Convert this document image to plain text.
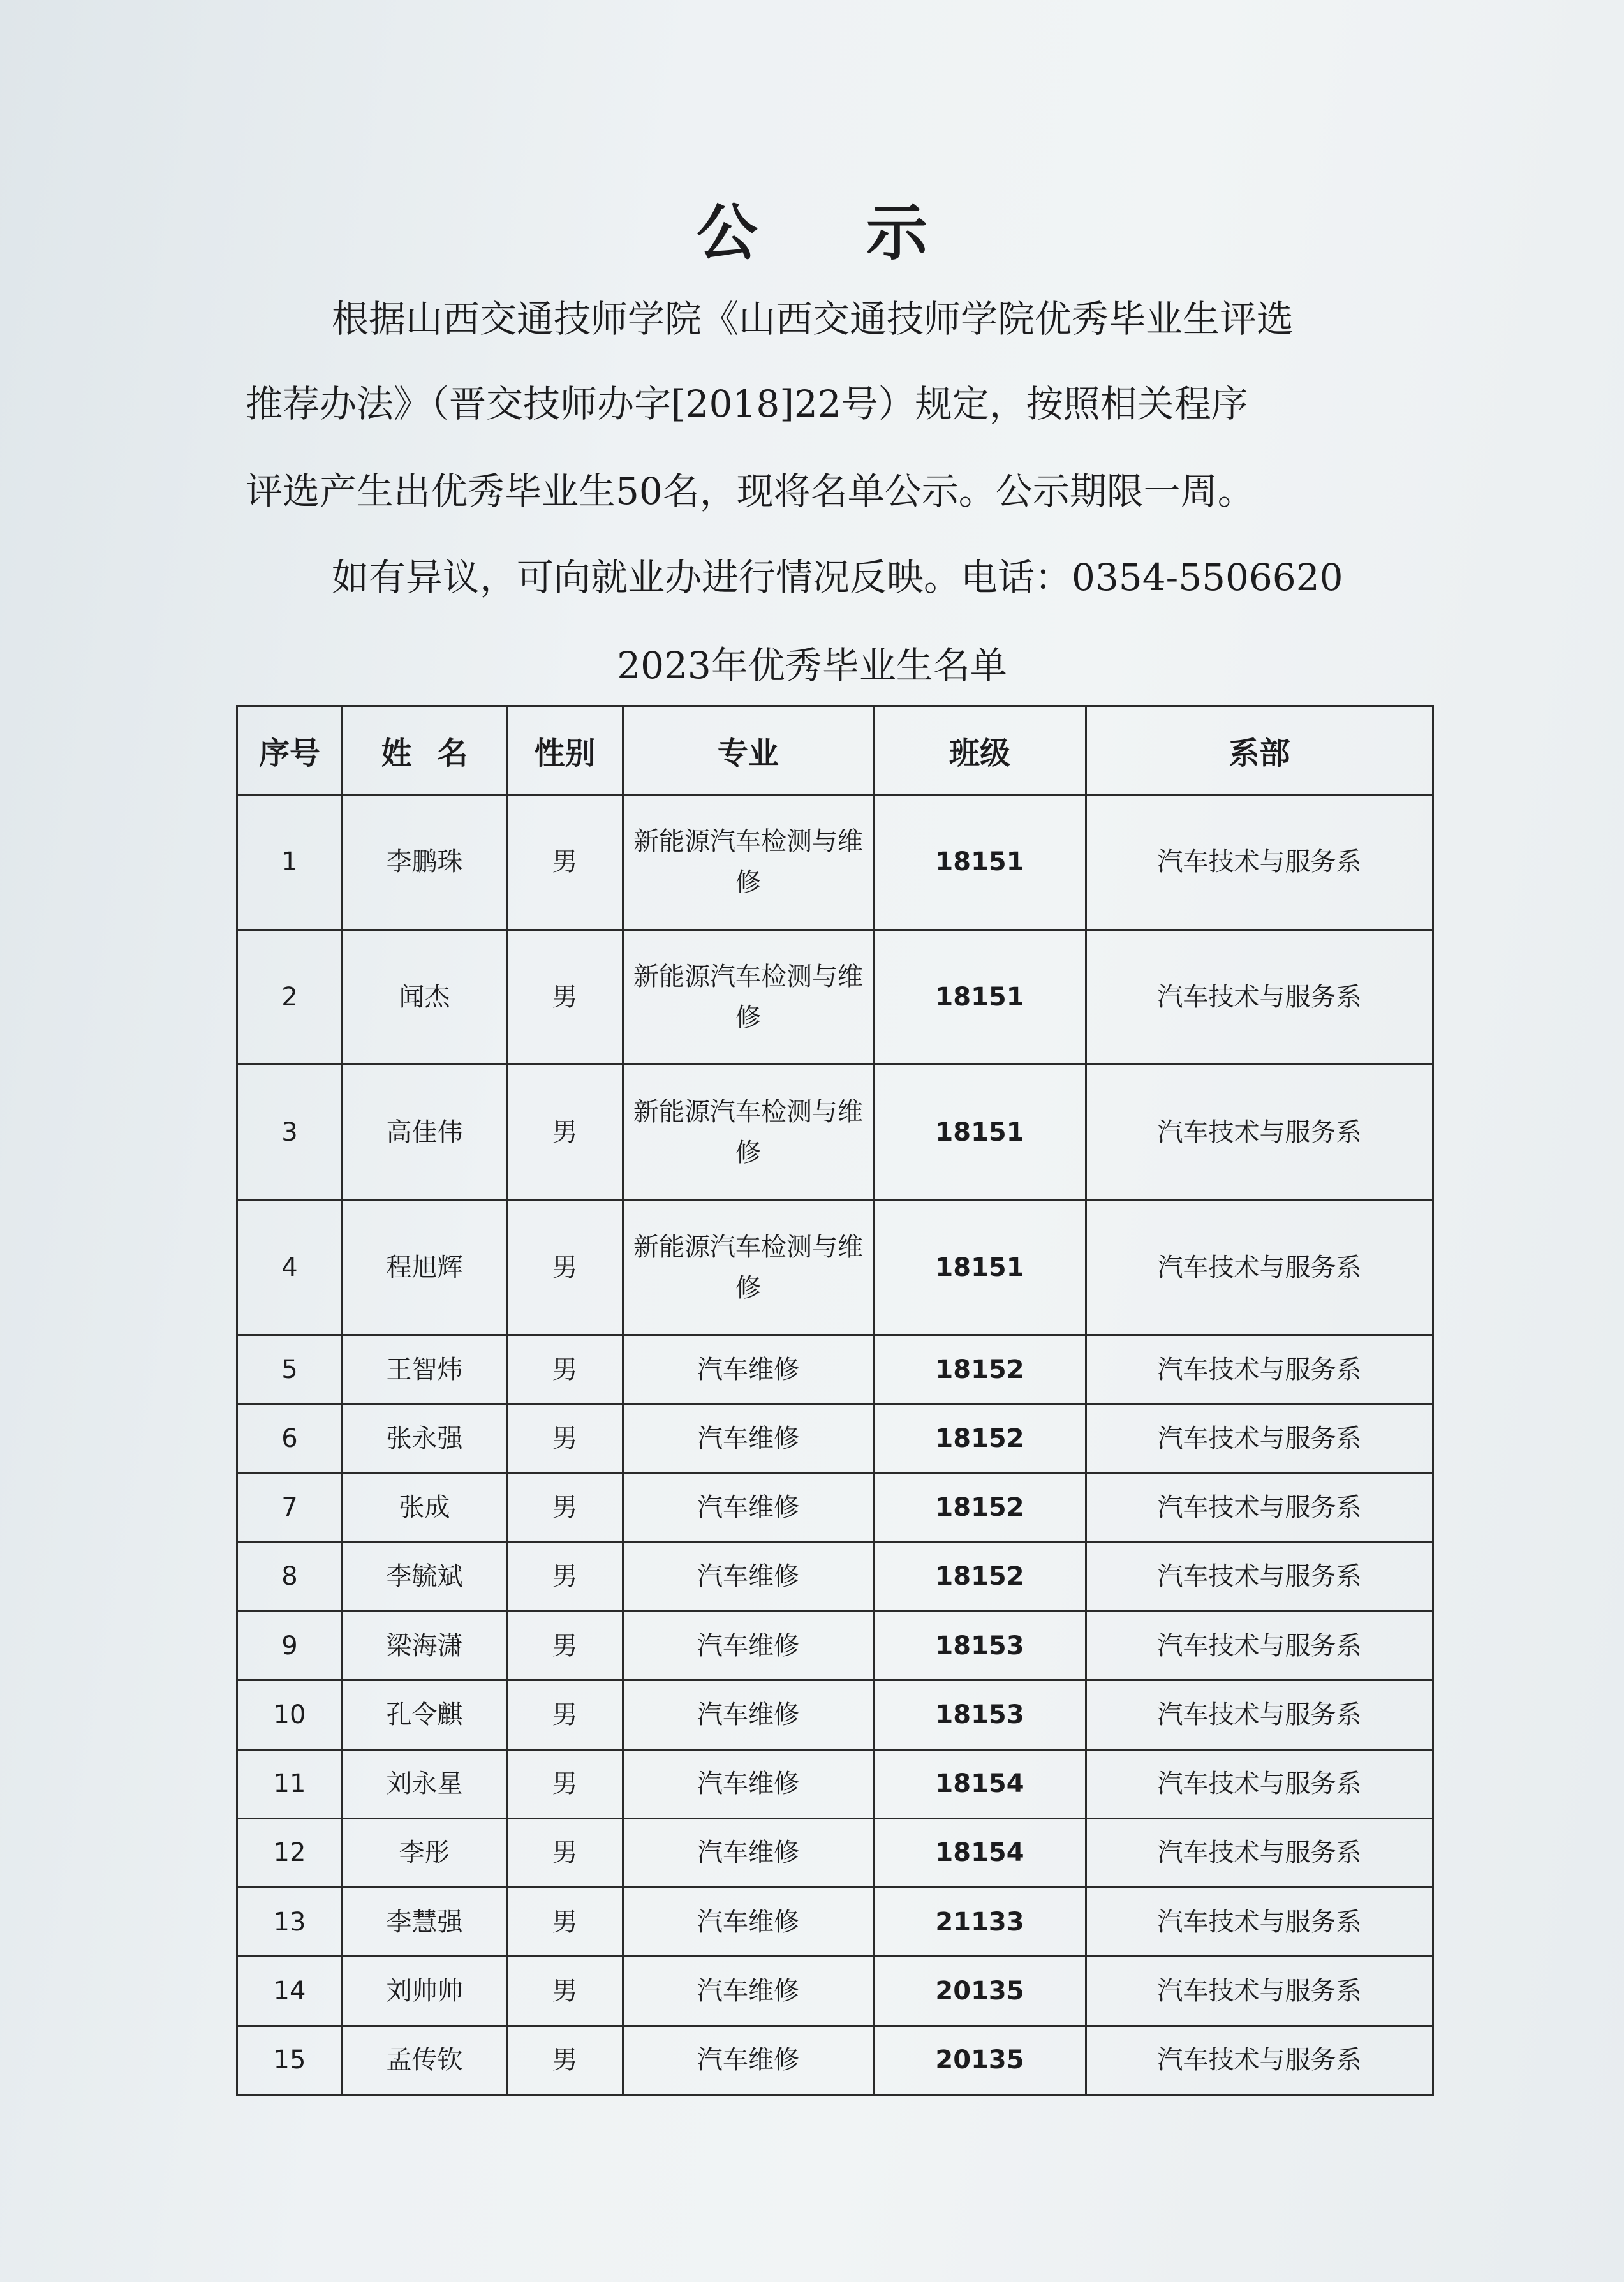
公示
根据山西交通技师学院《山西交通技师学院优秀毕业生评选
推荐办法》（晋交技师办字[2018]22号）规定，按照相关程序
评选产生出优秀毕业生50名，现将名单公示。公示期限一周。
如有异议，可向就业办进行情况反映。电话：0354-5506620
2023年优秀毕业生名单
序号	姓名	性别	专业	班级	系部
1	李鹏珠	男	新能源汽车检测与维修	18151	汽车技术与服务系
2	闻杰	男	新能源汽车检测与维修	18151	汽车技术与服务系
3	高佳伟	男	新能源汽车检测与维修	18151	汽车技术与服务系
4	程旭辉	男	新能源汽车检测与维修	18151	汽车技术与服务系
5	王智炜	男	汽车维修	18152	汽车技术与服务系
6	张永强	男	汽车维修	18152	汽车技术与服务系
7	张成	男	汽车维修	18152	汽车技术与服务系
8	李毓斌	男	汽车维修	18152	汽车技术与服务系
9	梁海潇	男	汽车维修	18153	汽车技术与服务系
10	孔令麒	男	汽车维修	18153	汽车技术与服务系
11	刘永星	男	汽车维修	18154	汽车技术与服务系
12	李彤	男	汽车维修	18154	汽车技术与服务系
13	李慧强	男	汽车维修	21133	汽车技术与服务系
14	刘帅帅	男	汽车维修	20135	汽车技术与服务系
15	孟传钦	男	汽车维修	20135	汽车技术与服务系
